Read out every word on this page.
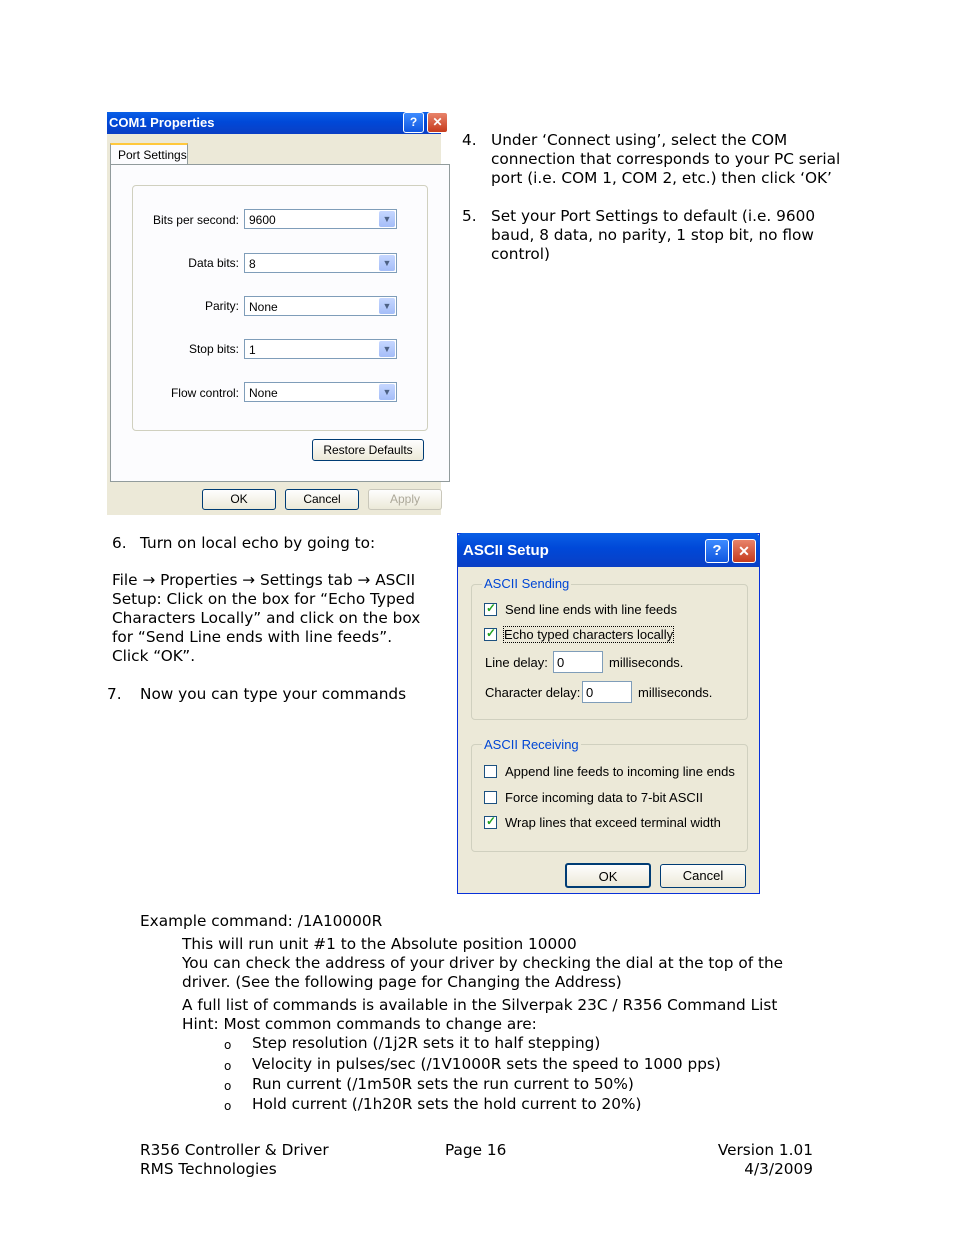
COM1 Properties	?	✕
Port Settings
Bits per second: 9600	▼
Data bits: 8	▼
Parity: None	▼
Stop bits: 1	▼
Flow control: None	▼
Restore Defaults
OK	Cancel	Apply
4. Under ‘Connect using’, select the COM
connection that corresponds to your PC serial
port (i.e. COM 1, COM 2, etc.) then click ‘OK’
5. Set your Port Settings to default (i.e. 9600
baud, 8 data, no parity, 1 stop bit, no flow
control)
6. Turn on local echo by going to:
File → Properties → Settings tab → ASCII
Setup: Click on the box for “Echo Typed
Characters Locally” and click on the box
for “Send Line ends with line feeds”.
Click “OK”.
7. Now you can type your commands
ASCII Setup	?	✕
ASCII Sending
✓ Send line ends with line feeds
✓ Echo typed characters locally
Line delay: 0	milliseconds.
Character delay: 0	milliseconds.
ASCII Receiving
Append line feeds to incoming line ends
Force incoming data to 7-bit ASCII
✓ Wrap lines that exceed terminal width
OK	Cancel
Example command: /1A10000R
This will run unit #1 to the Absolute position 10000
You can check the address of your driver by checking the dial at the top of the
driver. (See the following page for Changing the Address)
A full list of commands is available in the Silverpak 23C / R356 Command List
Hint: Most common commands to change are:
o Step resolution (/1j2R sets it to half stepping)
o Velocity in pulses/sec (/1V1000R sets the speed to 1000 pps)
o Run current (/1m50R sets the run current to 50%)
o Hold current (/1h20R sets the hold current to 20%)
R356 Controller & Driver
RMS Technologies
Page 16	Version 1.01
4/3/2009
